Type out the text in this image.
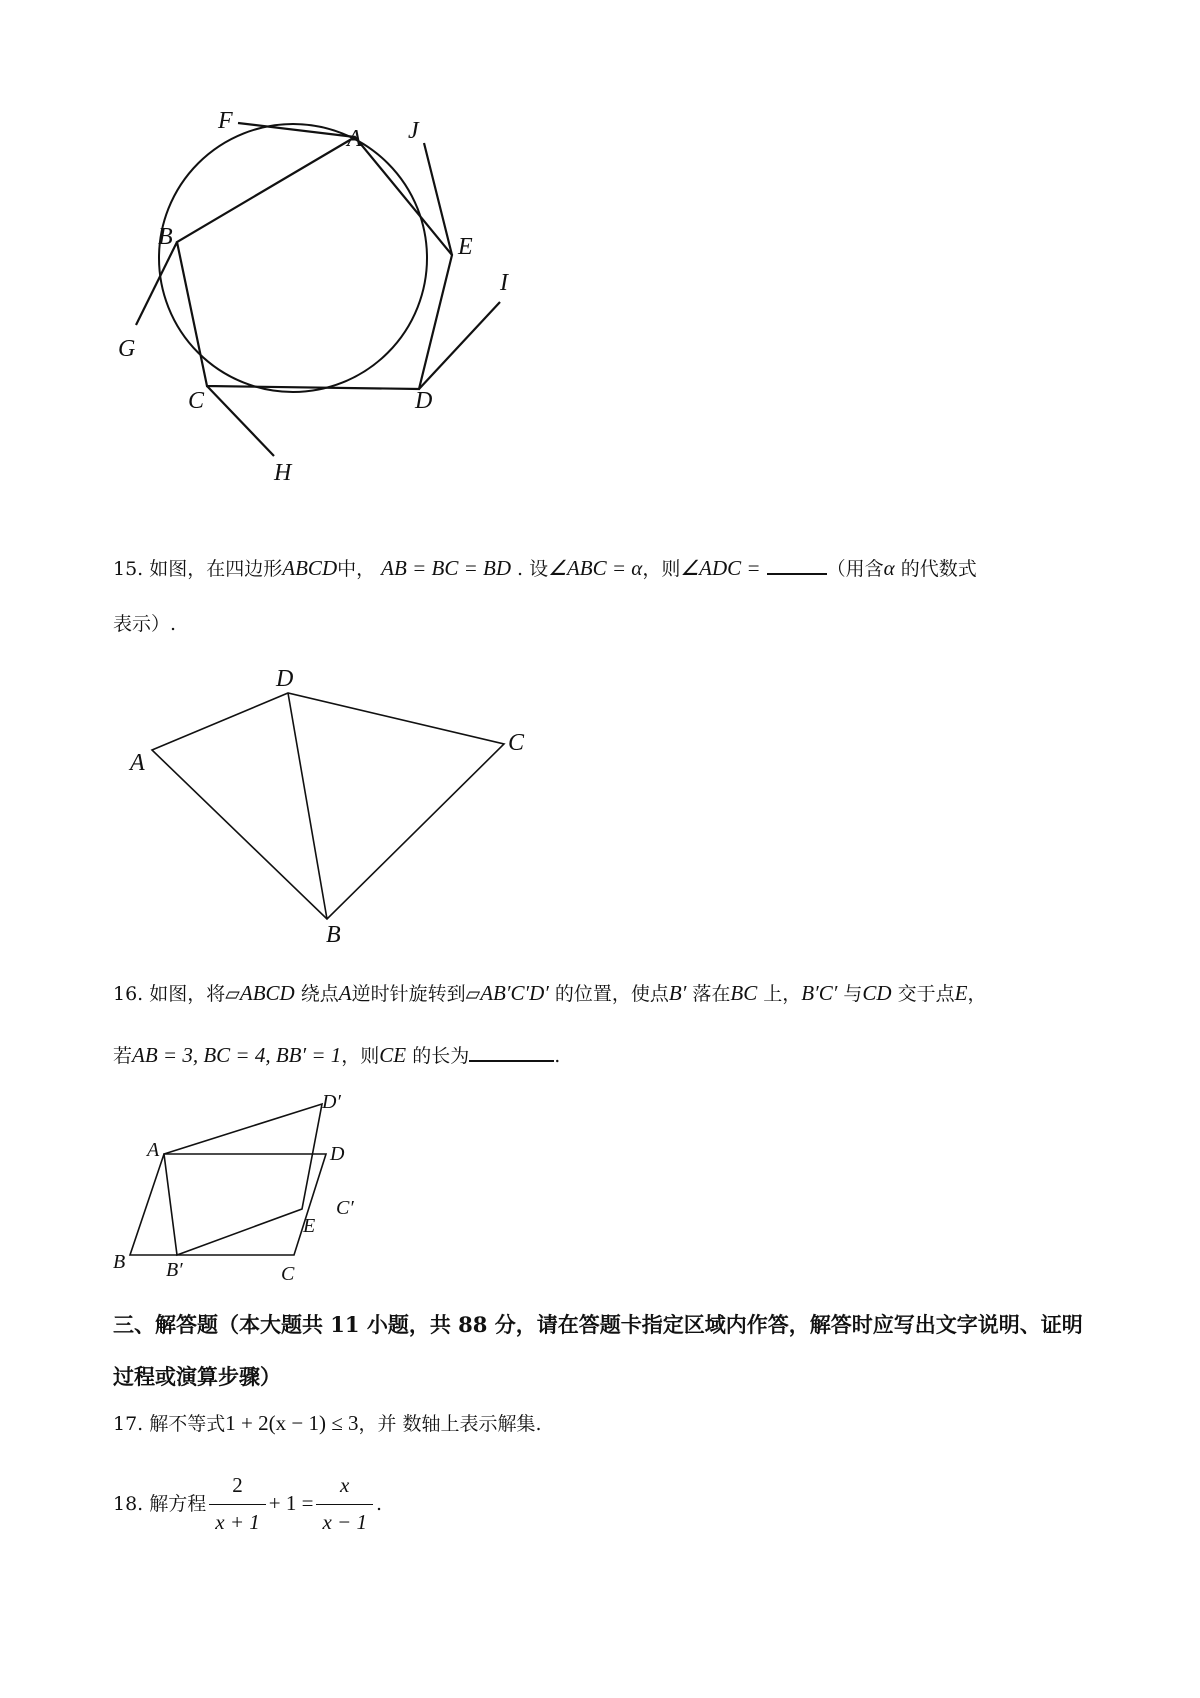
F
A J
B	E
I
G
C	D
H
15. 如图，在四边形ABCD中， AB = BC = BD . 设∠ABC = α，则∠ADC =	（用含α 的代数式
表示）.
A
D
C
B
16. 如图，将▱ABCD 绕点A逆时针旋转到▱AB′C′D′ 的位置，使点B′ 落在BC 上，B′C′ 与CD 交于点E，
若AB = 3, BC = 4, BB′ = 1，则CE 的长为	.
A
B B′	C
C′
D
D′
E
三、解答题（本大题共 11 小题，共 88 分，请在答题卡指定区域内作答，解答时应写出文字说明、证明过程或演算步骤）
17. 解不等式1 + 2(x − 1) ≤ 3，并 数轴上表示解集.
18.
解方程 $\frac{2}{x + 1} + 1 = \frac{x}{x - 1}$ .
